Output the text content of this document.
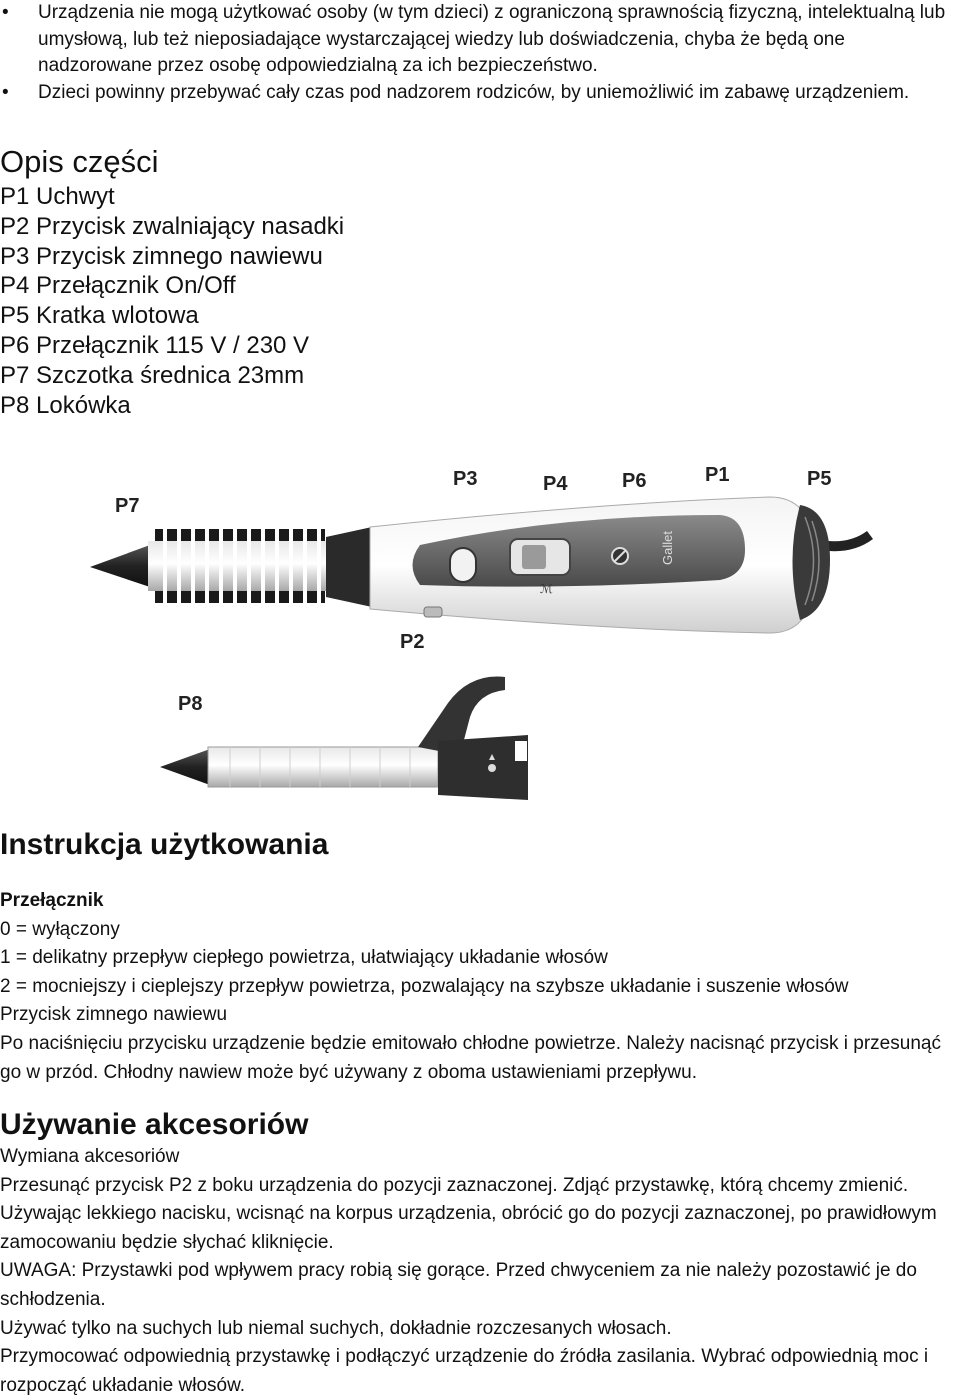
• Urządzenia nie mogą użytkować osoby (w tym dzieci) z ograniczoną sprawnością fizyczną, intelektualną lub umysłową, lub też nieposiadające wystarczającej wiedzy lub doświadczenia, chyba że będą one nadzorowane przez osobę odpowiedzialną za ich bezpieczeństwo.
• Dzieci powinny przebywać cały czas pod nadzorem rodziców, by uniemożliwić im zabawę urządzeniem.
Opis części
P1 Uchwyt
P2 Przycisk zwalniający nasadki
P3 Przycisk zimnego nawiewu
P4 Przełącznik On/Off
P5 Kratka wlotowa
P6 Przełącznik 115 V / 230 V
P7 Szczotka średnica 23mm
P8 Lokówka
ℳ
Gallet
P7
P3	P4	P6	P1	P5
P2
P8
Instrukcja użytkowania

Przełącznik

0 = wyłączony

1 = delikatny przepływ ciepłego powietrza, ułatwiający układanie włosów

2 = mocniejszy i cieplejszy przepływ powietrza, pozwalający na szybsze układanie i suszenie włosów

Przycisk zimnego nawiewu

Po naciśnięciu przycisku urządzenie będzie emitowało chłodne powietrze. Należy nacisnąć przycisk i przesunąć go w przód. Chłodny nawiew może być używany z oboma ustawieniami przepływu.

Używanie akcesoriów

Wymiana akcesoriów

Przesunąć przycisk P2 z boku urządzenia do pozycji zaznaczonej. Zdjąć przystawkę, którą chcemy zmienić. Używając lekkiego nacisku, wcisnąć na korpus urządzenia, obrócić go do pozycji zaznaczonej, po prawidłowym zamocowaniu będzie słychać kliknięcie.

UWAGA: Przystawki pod wpływem pracy robią się gorące. Przed chwyceniem za nie należy pozostawić je do schłodzenia.

Używać tylko na suchych lub niemal suchych, dokładnie rozczesanych włosach.

Przymocować odpowiednią przystawkę i podłączyć urządzenie do źródła zasilania. Wybrać odpowiednią moc i rozpocząć układanie włosów.
